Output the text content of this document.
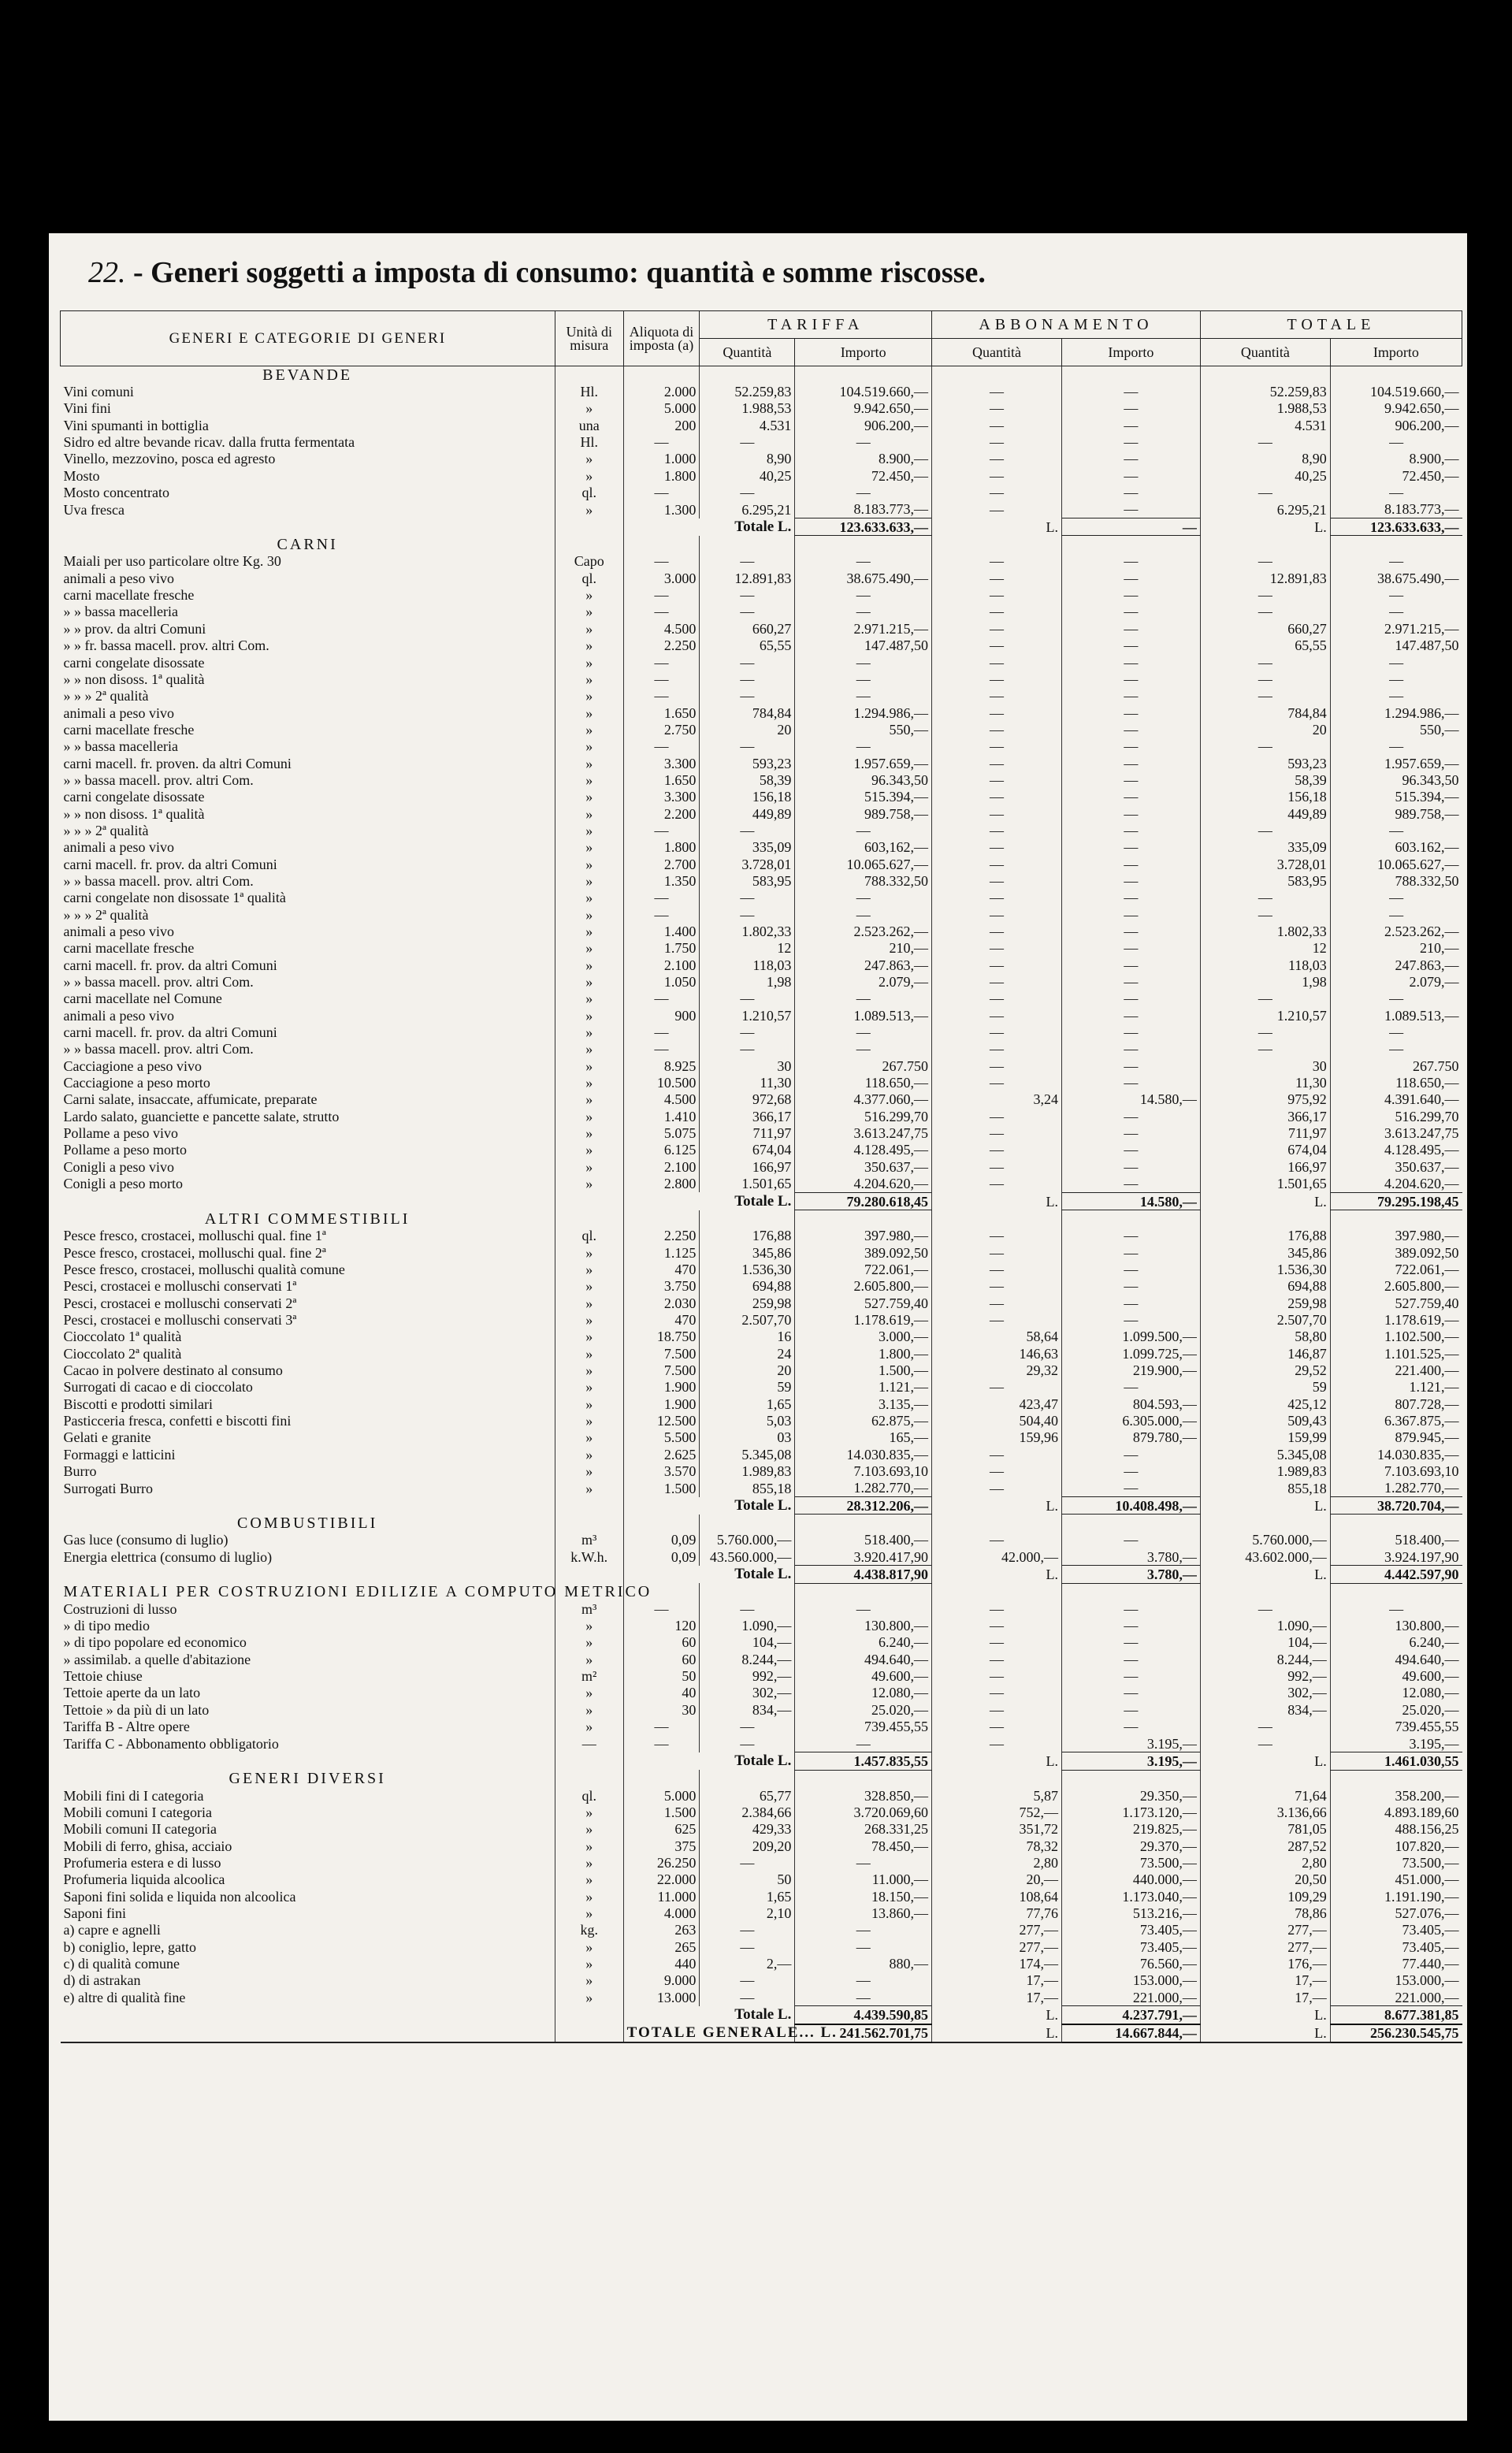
22. - Generi soggetti a imposta di consumo: quantità e somme riscosse.
GENERI E CATEGORIE DI GENERI	Unità di misura	Aliquota di imposta (a)	TARIFFA		ABBONAMENTO		TOTALE	
			Quantità	Importo	Quantità	Importo	Quantità	Importo
BEVANDE								
Vini comuni	Hl.	2.000	52.259,83	104.519.660,—	—	—	52.259,83	104.519.660,—
Vini fini	»	5.000	1.988,53	9.942.650,—	—	—	1.988,53	9.942.650,—
Vini spumanti in bottiglia	una	200	4.531	906.200,—	—	—	4.531	906.200,—
Sidro ed altre bevande ricav. dalla frutta fermentata	Hl.	—	—	—	—	—	—	—
Vinello, mezzovino, posca ed agresto	»	1.000	8,90	8.900,—	—	—	8,90	8.900,—
Mosto	»	1.800	40,25	72.450,—	—	—	40,25	72.450,—
Mosto concentrato	ql.	—	—	—	—	—	—	—
Uva fresca	»	1.300	6.295,21	8.183.773,—	—	—	6.295,21	8.183.773,—
		Totale L.		123.633.633,—	L.	—	L.	123.633.633,—
CARNI								
Maiali per uso particolare oltre Kg. 30	Capo	—	—	—	—	—	—	—
animali a peso vivo	ql.	3.000	12.891,83	38.675.490,—	—	—	12.891,83	38.675.490,—
carni macellate fresche	»	—	—	—	—	—	—	—
» » bassa macelleria	»	—	—	—	—	—	—	—
» » prov. da altri Comuni	»	4.500	660,27	2.971.215,—	—	—	660,27	2.971.215,—
» » fr. bassa macell. prov. altri Com.	»	2.250	65,55	147.487,50	—	—	65,55	147.487,50
carni congelate disossate	»	—	—	—	—	—	—	—
» » non disoss. 1ª qualità	»	—	—	—	—	—	—	—
» » » 2ª qualità	»	—	—	—	—	—	—	—
animali a peso vivo	»	1.650	784,84	1.294.986,—	—	—	784,84	1.294.986,—
carni macellate fresche	»	2.750	20	550,—	—	—	20	550,—
» » bassa macelleria	»	—	—	—	—	—	—	—
carni macell. fr. proven. da altri Comuni	»	3.300	593,23	1.957.659,—	—	—	593,23	1.957.659,—
» » bassa macell. prov. altri Com.	»	1.650	58,39	96.343,50	—	—	58,39	96.343,50
carni congelate disossate	»	3.300	156,18	515.394,—	—	—	156,18	515.394,—
» » non disoss. 1ª qualità	»	2.200	449,89	989.758,—	—	—	449,89	989.758,—
» » » 2ª qualità	»	—	—	—	—	—	—	—
animali a peso vivo	»	1.800	335,09	603,162,—	—	—	335,09	603.162,—
carni macell. fr. prov. da altri Comuni	»	2.700	3.728,01	10.065.627,—	—	—	3.728,01	10.065.627,—
» » bassa macell. prov. altri Com.	»	1.350	583,95	788.332,50	—	—	583,95	788.332,50
carni congelate non disossate 1ª qualità	»	—	—	—	—	—	—	—
» » » 2ª qualità	»	—	—	—	—	—	—	—
animali a peso vivo	»	1.400	1.802,33	2.523.262,—	—	—	1.802,33	2.523.262,—
carni macellate fresche	»	1.750	12	210,—	—	—	12	210,—
carni macell. fr. prov. da altri Comuni	»	2.100	118,03	247.863,—	—	—	118,03	247.863,—
» » bassa macell. prov. altri Com.	»	1.050	1,98	2.079,—	—	—	1,98	2.079,—
carni macellate nel Comune	»	—	—	—	—	—	—	—
animali a peso vivo	»	900	1.210,57	1.089.513,—	—	—	1.210,57	1.089.513,—
carni macell. fr. prov. da altri Comuni	»	—	—	—	—	—	—	—
» » bassa macell. prov. altri Com.	»	—	—	—	—	—	—	—
Cacciagione a peso vivo	»	8.925	30	267.750	—	—	30	267.750
Cacciagione a peso morto	»	10.500	11,30	118.650,—	—	—	11,30	118.650,—
Carni salate, insaccate, affumicate, preparate	»	4.500	972,68	4.377.060,—	3,24	14.580,—	975,92	4.391.640,—
Lardo salato, guanciette e pancette salate, strutto	»	1.410	366,17	516.299,70	—	—	366,17	516.299,70
Pollame a peso vivo	»	5.075	711,97	3.613.247,75	—	—	711,97	3.613.247,75
Pollame a peso morto	»	6.125	674,04	4.128.495,—	—	—	674,04	4.128.495,—
Conigli a peso vivo	»	2.100	166,97	350.637,—	—	—	166,97	350.637,—
Conigli a peso morto	»	2.800	1.501,65	4.204.620,—	—	—	1.501,65	4.204.620,—
		Totale L.		79.280.618,45	L.	14.580,—	L.	79.295.198,45
ALTRI COMMESTIBILI								
Pesce fresco, crostacei, molluschi qual. fine 1ª	ql.	2.250	176,88	397.980,—	—	—	176,88	397.980,—
Pesce fresco, crostacei, molluschi qual. fine 2ª	»	1.125	345,86	389.092,50	—	—	345,86	389.092,50
Pesce fresco, crostacei, molluschi qualità comune	»	470	1.536,30	722.061,—	—	—	1.536,30	722.061,—
Pesci, crostacei e molluschi conservati 1ª	»	3.750	694,88	2.605.800,—	—	—	694,88	2.605.800,—
Pesci, crostacei e molluschi conservati 2ª	»	2.030	259,98	527.759,40	—	—	259,98	527.759,40
Pesci, crostacei e molluschi conservati 3ª	»	470	2.507,70	1.178.619,—	—	—	2.507,70	1.178.619,—
Cioccolato 1ª qualità	»	18.750	16	3.000,—	58,64	1.099.500,—	58,80	1.102.500,—
Cioccolato 2ª qualità	»	7.500	24	1.800,—	146,63	1.099.725,—	146,87	1.101.525,—
Cacao in polvere destinato al consumo	»	7.500	20	1.500,—	29,32	219.900,—	29,52	221.400,—
Surrogati di cacao e di cioccolato	»	1.900	59	1.121,—	—	—	59	1.121,—
Biscotti e prodotti similari	»	1.900	1,65	3.135,—	423,47	804.593,—	425,12	807.728,—
Pasticceria fresca, confetti e biscotti fini	»	12.500	5,03	62.875,—	504,40	6.305.000,—	509,43	6.367.875,—
Gelati e granite	»	5.500	03	165,—	159,96	879.780,—	159,99	879.945,—
Formaggi e latticini	»	2.625	5.345,08	14.030.835,—	—	—	5.345,08	14.030.835,—
Burro	»	3.570	1.989,83	7.103.693,10	—	—	1.989,83	7.103.693,10
Surrogati Burro	»	1.500	855,18	1.282.770,—	—	—	855,18	1.282.770,—
		Totale L.		28.312.206,—	L.	10.408.498,—	L.	38.720.704,—
COMBUSTIBILI								
Gas luce (consumo di luglio)	m³	0,09	5.760.000,—	518.400,—	—	—	5.760.000,—	518.400,—
Energia elettrica (consumo di luglio)	k.W.h.	0,09	43.560.000,—	3.920.417,90	42.000,—	3.780,—	43.602.000,—	3.924.197,90
		Totale L.		4.438.817,90	L.	3.780,—	L.	4.442.597,90
MATERIALI PER COSTRUZIONI EDILIZIE A COMPUTO METRICO								
Costruzioni di lusso	m³	—	—	—	—	—	—	—
» di tipo medio	»	120	1.090,—	130.800,—	—	—	1.090,—	130.800,—
» di tipo popolare ed economico	»	60	104,—	6.240,—	—	—	104,—	6.240,—
» assimilab. a quelle d'abitazione	»	60	8.244,—	494.640,—	—	—	8.244,—	494.640,—
Tettoie chiuse	m²	50	992,—	49.600,—	—	—	992,—	49.600,—
Tettoie aperte da un lato	»	40	302,—	12.080,—	—	—	302,—	12.080,—
Tettoie » da più di un lato	»	30	834,—	25.020,—	—	—	834,—	25.020,—
Tariffa B - Altre opere	»	—	—	739.455,55	—	—	—	739.455,55
Tariffa C - Abbonamento obbligatorio	—	—	—	—	—	3.195,—	—	3.195,—
		Totale L.		1.457.835,55	L.	3.195,—	L.	1.461.030,55
GENERI DIVERSI								
Mobili fini di I categoria	ql.	5.000	65,77	328.850,—	5,87	29.350,—	71,64	358.200,—
Mobili comuni I categoria	»	1.500	2.384,66	3.720.069,60	752,—	1.173.120,—	3.136,66	4.893.189,60
Mobili comuni II categoria	»	625	429,33	268.331,25	351,72	219.825,—	781,05	488.156,25
Mobili di ferro, ghisa, acciaio	»	375	209,20	78.450,—	78,32	29.370,—	287,52	107.820,—
Profumeria estera e di lusso	»	26.250	—	—	2,80	73.500,—	2,80	73.500,—
Profumeria liquida alcoolica	»	22.000	50	11.000,—	20,—	440.000,—	20,50	451.000,—
Saponi fini solida e liquida non alcoolica	»	11.000	1,65	18.150,—	108,64	1.173.040,—	109,29	1.191.190,—
Saponi fini	»	4.000	2,10	13.860,—	77,76	513.216,—	78,86	527.076,—
a) capre e agnelli	kg.	263	—	—	277,—	73.405,—	277,—	73.405,—
b) coniglio, lepre, gatto	»	265	—	—	277,—	73.405,—	277,—	73.405,—
c) di qualità comune	»	440	2,—	880,—	174,—	76.560,—	176,—	77.440,—
d) di astrakan	»	9.000	—	—	17,—	153.000,—	17,—	153.000,—
e) altre di qualità fine	»	13.000	—	—	17,—	221.000,—	17,—	221.000,—
		Totale L.		4.439.590,85	L.	4.237.791,—	L.	8.677.381,85
		TOTALE GENERALE... L.		241.562.701,75	L.	14.667.844,—	L.	256.230.545,75
